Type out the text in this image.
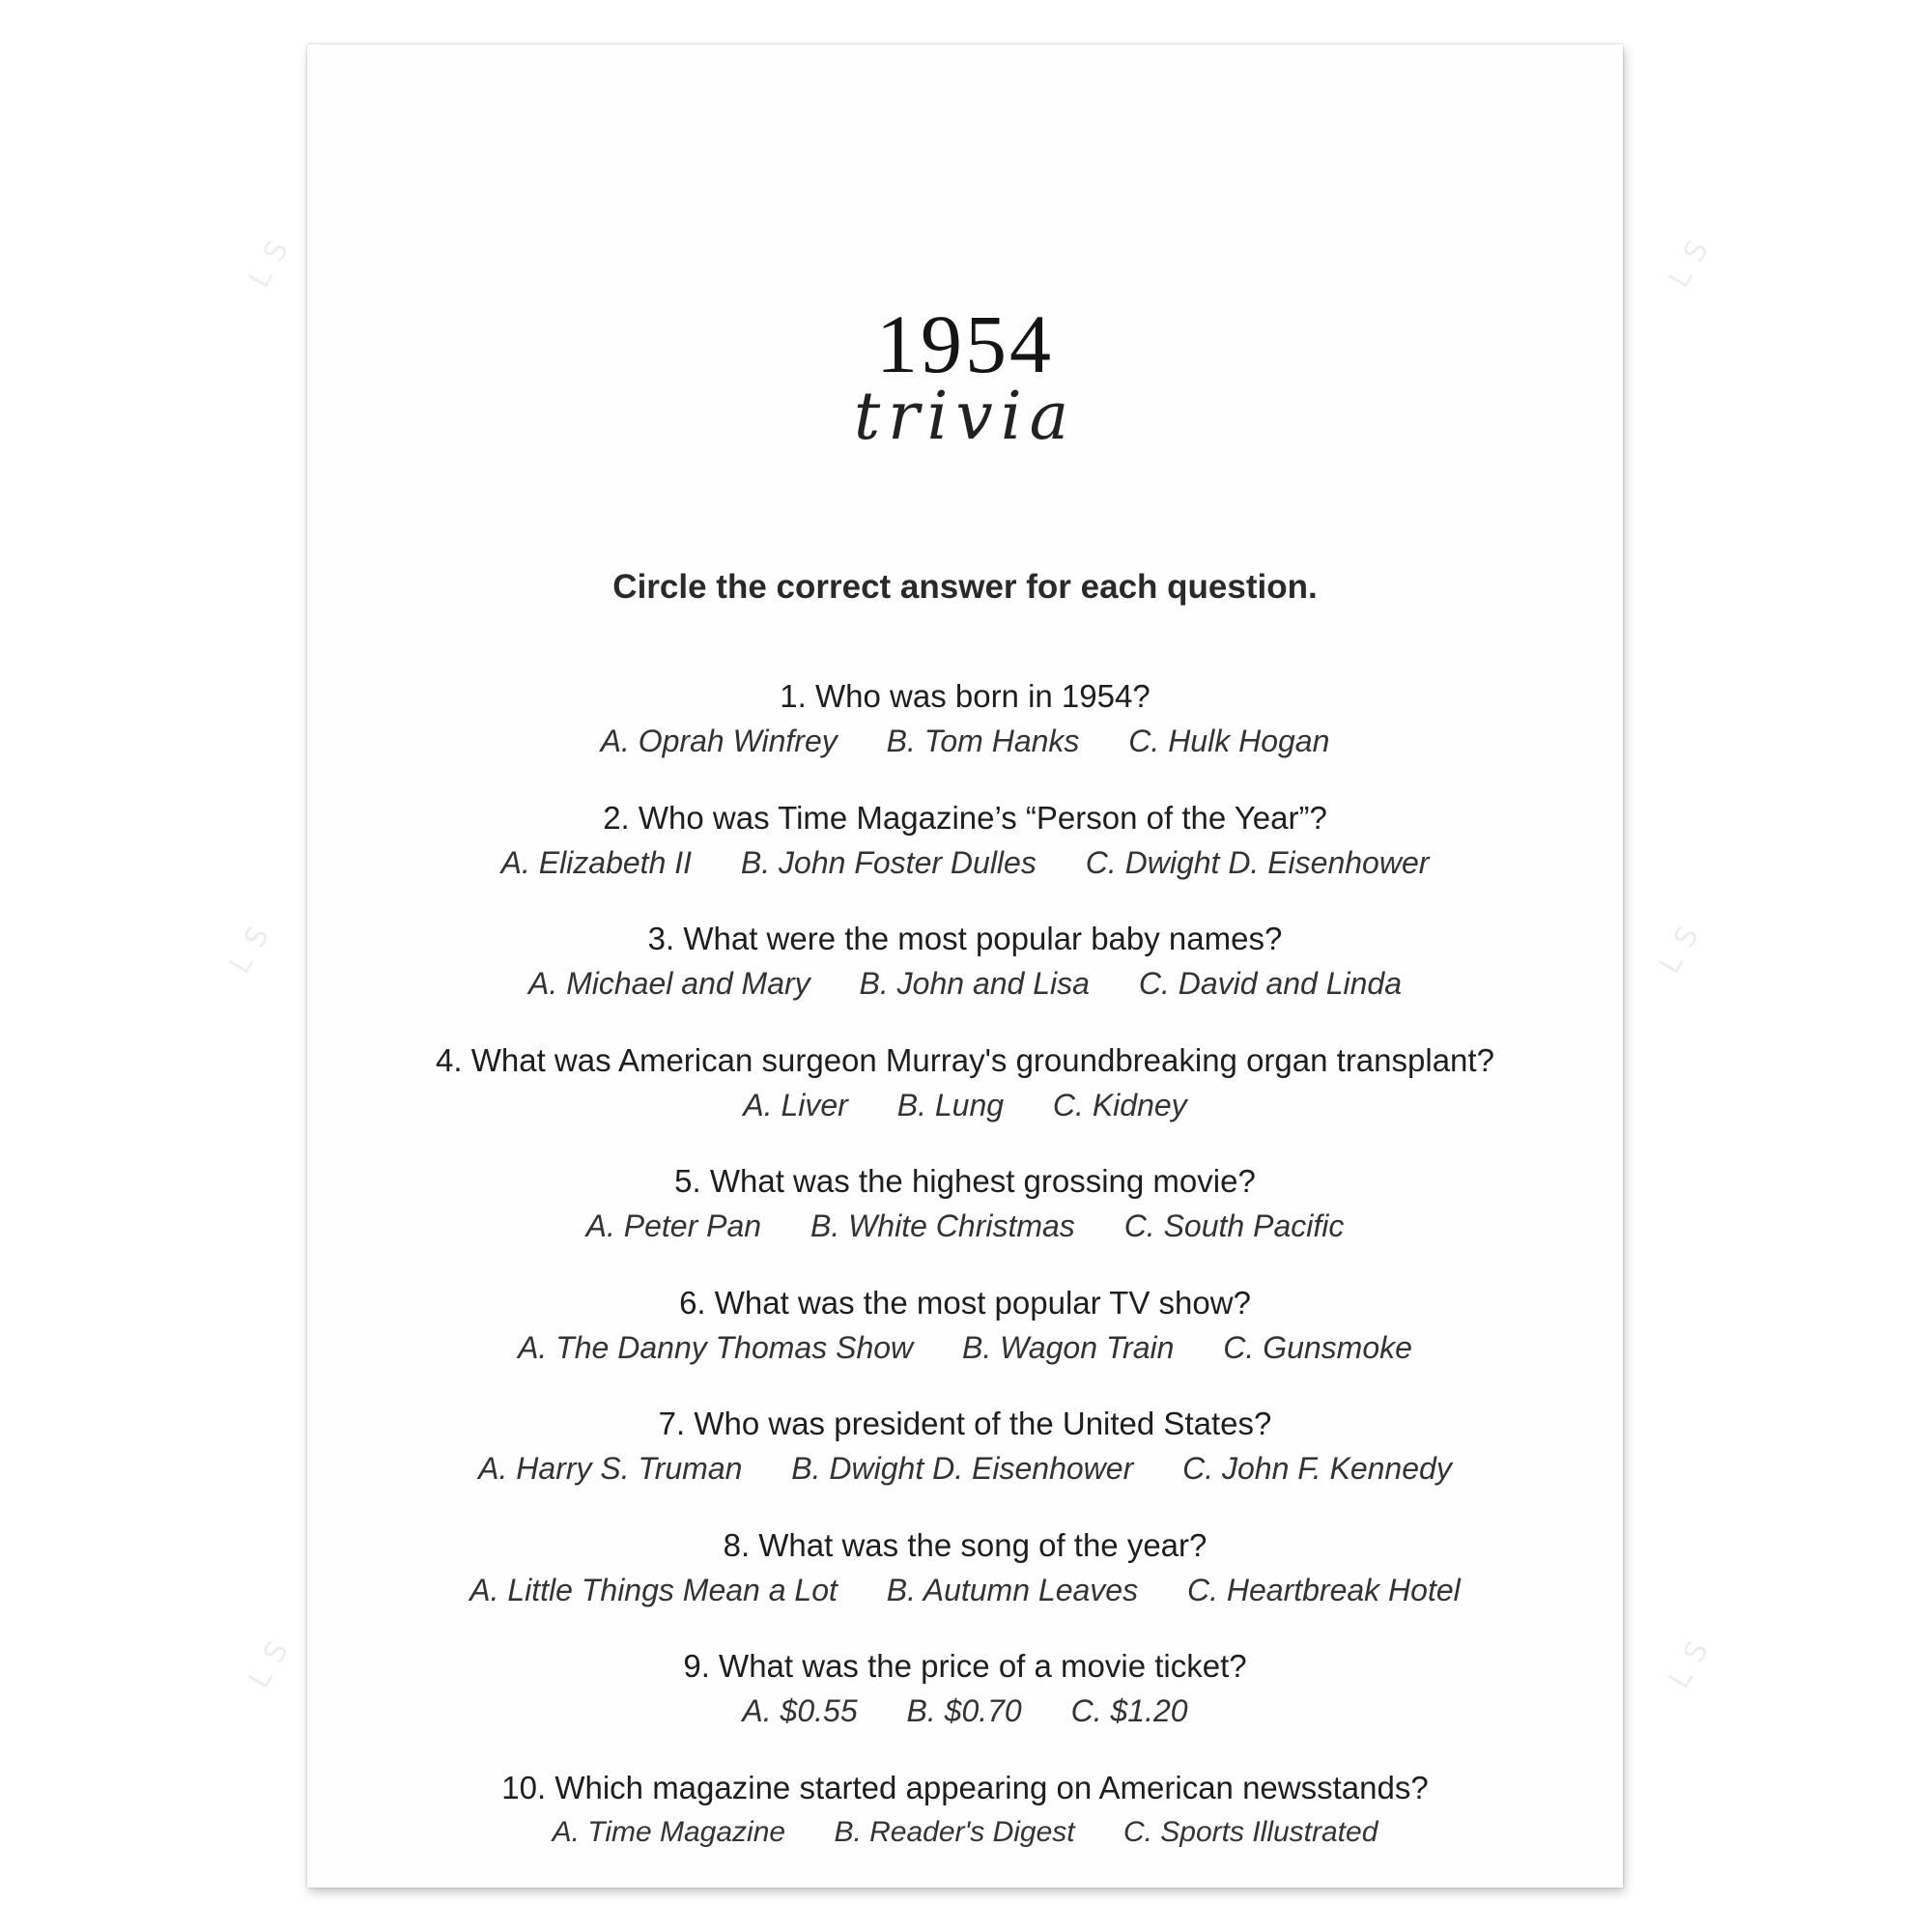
LS	LS
LS	LS
LS	LS
1954
trivia
Circle the correct answer for each question.
1. Who was born in 1954?
A. Oprah Winfrey B. Tom Hanks C. Hulk Hogan
2. Who was Time Magazine’s “Person of the Year”?
A. Elizabeth II B. John Foster Dulles C. Dwight D. Eisenhower
3. What were the most popular baby names?
A. Michael and Mary B. John and Lisa C. David and Linda
4. What was American surgeon Murray's groundbreaking organ transplant?
A. Liver B. Lung C. Kidney
5. What was the highest grossing movie?
A. Peter Pan B. White Christmas C. South Pacific
6. What was the most popular TV show?
A. The Danny Thomas Show B. Wagon Train C. Gunsmoke
7. Who was president of the United States?
A. Harry S. Truman B. Dwight D. Eisenhower C. John F. Kennedy
8. What was the song of the year?
A. Little Things Mean a Lot B. Autumn Leaves C. Heartbreak Hotel
9. What was the price of a movie ticket?
A. $0.55 B. $0.70 C. $1.20
10. Which magazine started appearing on American newsstands?
A. Time Magazine B. Reader's Digest C. Sports Illustrated
